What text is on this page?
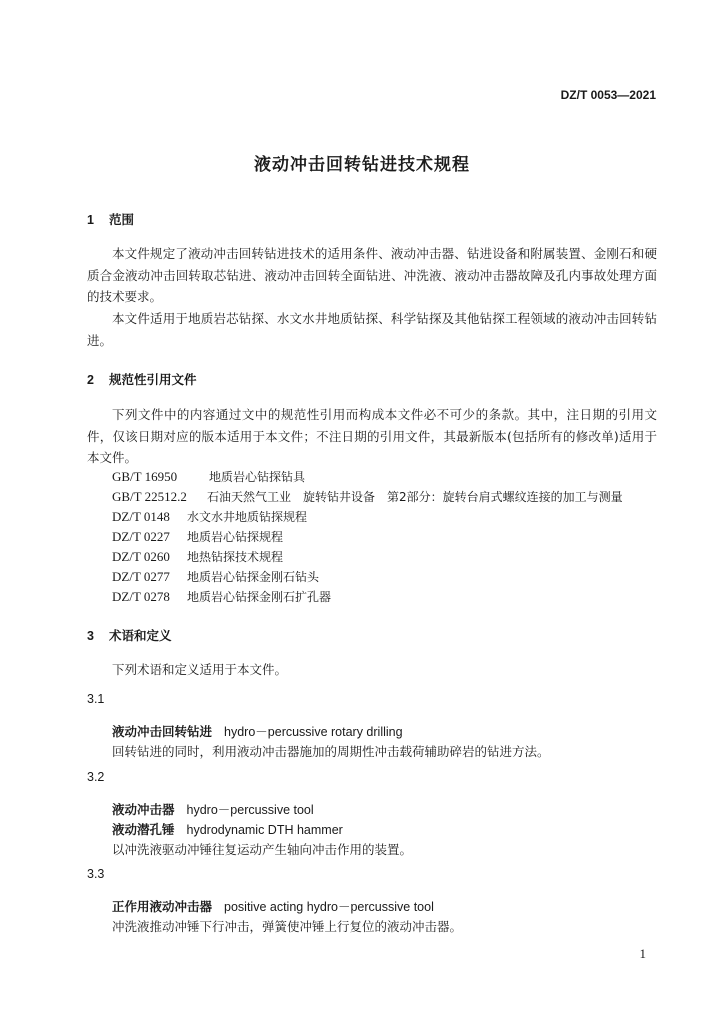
DZ/T 0053—2021
液动冲击回转钻进技术规程
1 范围

本文件规定了液动冲击回转钻进技术的适用条件、液动冲击器、钻进设备和附属装置、金刚石和硬质合金液动冲击回转取芯钻进、液动冲击回转全面钻进、冲洗液、液动冲击器故障及孔内事故处理方面的技术要求。

本文件适用于地质岩芯钻探、水文水井地质钻探、科学钻探及其他钻探工程领域的液动冲击回转钻进。

2 规范性引用文件

下列文件中的内容通过文中的规范性引用而构成本文件必不可少的条款。其中，注日期的引用文件，仅该日期对应的版本适用于本文件；不注日期的引用文件，其最新版本(包括所有的修改单)适用于本文件。

GB/T 16950	地质岩心钻探钻具
GB/T 22512.2 石油天然气工业　旋转钻井设备　第2部分：旋转台肩式螺纹连接的加工与测量
DZ/T 0148 水文水井地质钻探规程
DZ/T 0227 地质岩心钻探规程
DZ/T 0260 地热钻探技术规程
DZ/T 0277 地质岩心钻探金刚石钻头
DZ/T 0278 地质岩心钻探金刚石扩孔器
3 术语和定义
下列术语和定义适用于本文件。
3.1
液动冲击回转钻进 hydro－percussive rotary drilling
回转钻进的同时，利用液动冲击器施加的周期性冲击载荷辅助碎岩的钻进方法。
3.2
液动冲击器 hydro－percussive tool
液动潜孔锤 hydrodynamic DTH hammer
以冲洗液驱动冲锤往复运动产生轴向冲击作用的装置。
3.3
正作用液动冲击器 positive acting hydro－percussive tool
冲洗液推动冲锤下行冲击，弹簧使冲锤上行复位的液动冲击器。
1
